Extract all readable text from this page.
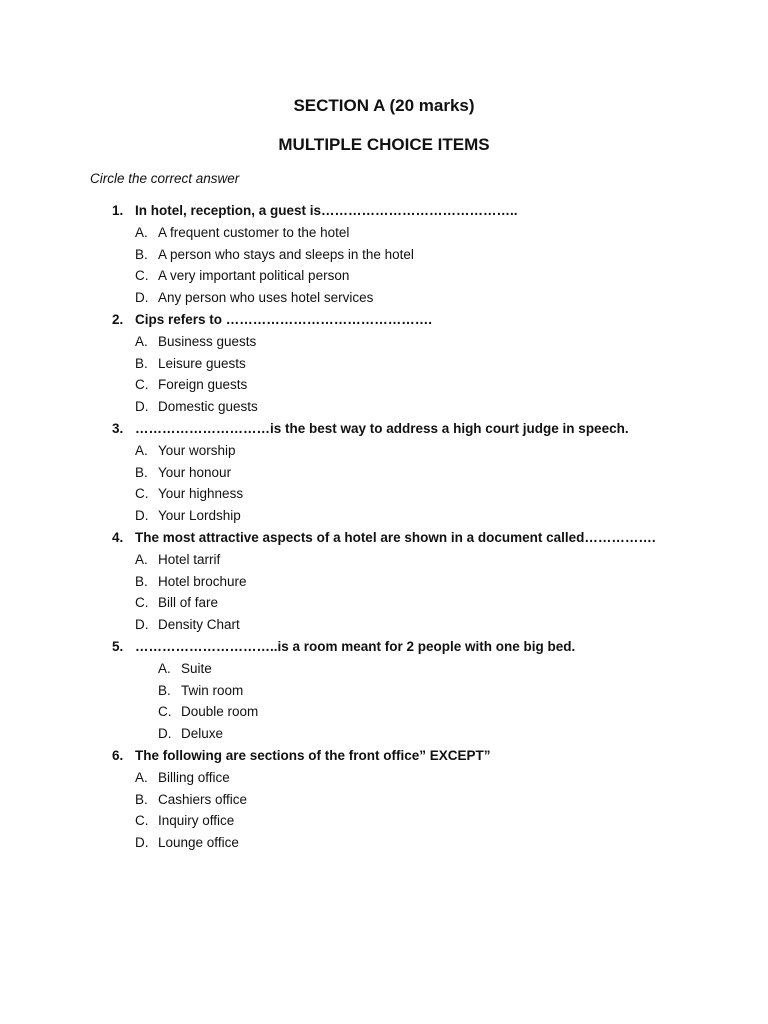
SECTION A (20 marks)
MULTIPLE CHOICE ITEMS
Circle the correct answer
1. In hotel, reception, a guest is……………………………………..
A. A frequent customer to the hotel
B. A person who stays and sleeps in the hotel
C. A very important political person
D. Any person who uses hotel services
2. Cips refers to ……………………………………….
A. Business guests
B. Leisure guests
C. Foreign guests
D. Domestic guests
3. …………………………is the best way to address a high court judge in speech.
A. Your worship
B. Your honour
C. Your highness
D. Your Lordship
4. The most attractive aspects of a hotel are shown in a document called…………….
A. Hotel tarrif
B. Hotel brochure
C. Bill of fare
D. Density Chart
5. …………………………..is a room meant for 2 people with one big bed.
A. Suite
B. Twin room
C. Double room
D. Deluxe
6. The following are sections of the front office” EXCEPT”
A. Billing office
B. Cashiers office
C. Inquiry office
D. Lounge office
